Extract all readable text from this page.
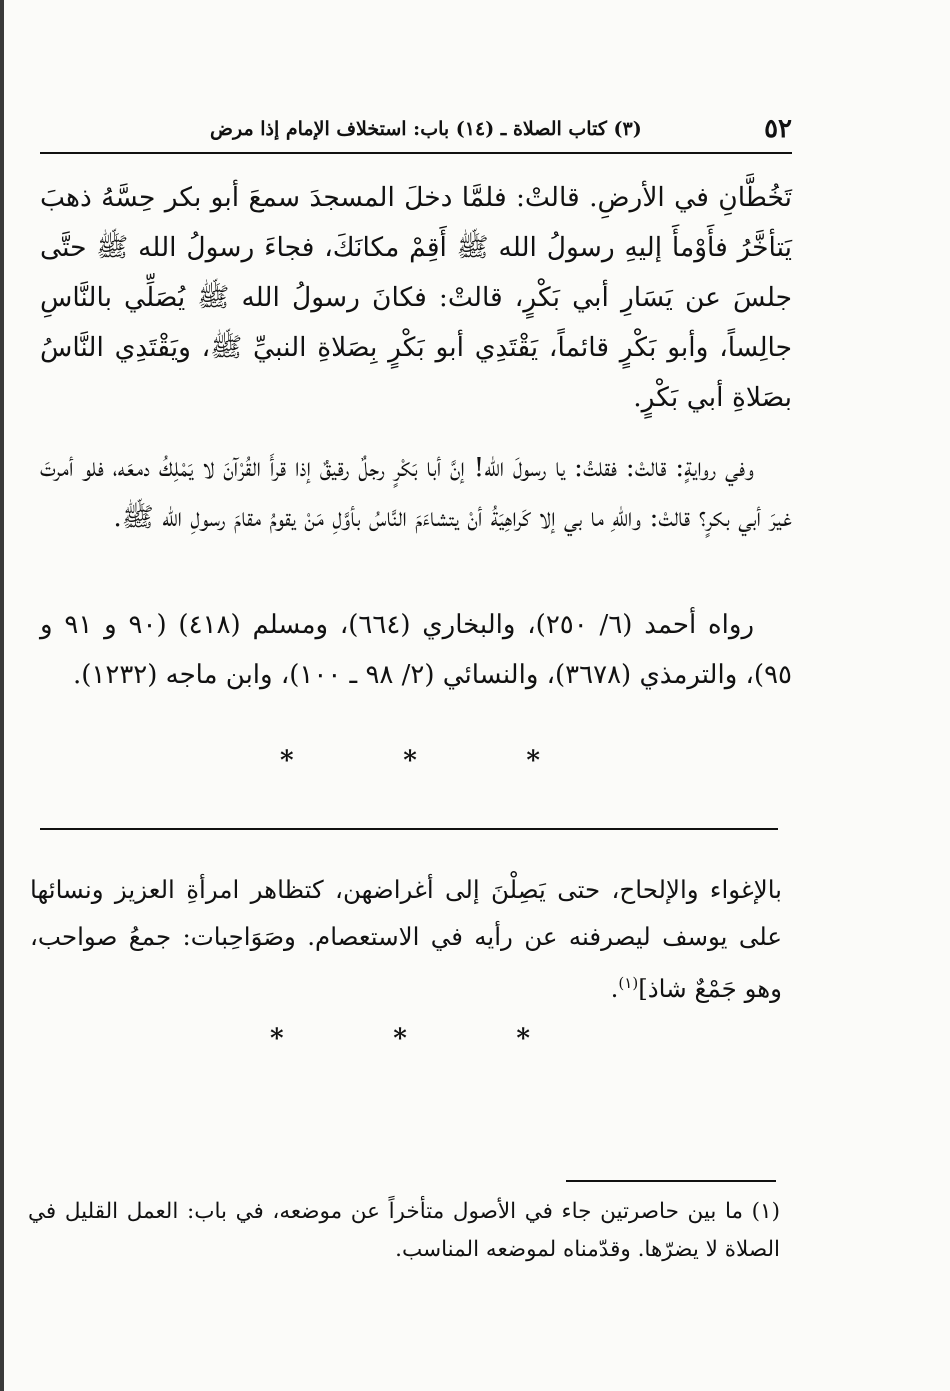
٥٢
(٣) كتاب الصلاة ـ (١٤) باب: استخلاف الإمام إذا مرض

تَخُطَّانِ في الأرضِ. قالتْ: فلمَّا دخلَ المسجدَ سمعَ أبو بكر حِسَّهُ ذهبَ يَتأخَّرُ فأَوْمأَ إليهِ رسولُ الله ﷺ أَقِمْ مكانَكَ، فجاءَ رسولُ الله ﷺ حتَّى جلسَ عن يَسَارِ أبي بَكْرٍ، قالتْ: فكانَ رسولُ الله ﷺ يُصَلِّي بالنَّاسِ جالِساً، وأبو بَكْرٍ قائماً، يَقْتَدِي أبو بَكْرٍ بِصَلاةِ النبيِّ ﷺ، ويَقْتَدِي النَّاسُ بصَلاةِ أبي بَكْرٍ.

وفي روايةٍ: قالتْ: فقلتُ: يا رسولَ الله! إنَّ أبا بَكْرٍ رجلٌ رقيقٌ إذا قرأَ القُرْآنَ لا يَمْلِكُ دمعَه، فلو أمرتَ غيرَ أبي بكرٍ؟ قالتْ: واللهِ ما بي إلا كَراهِيَةُ أنْ يتشاءَمَ النَّاسُ بأوَّلِ مَنْ يقومُ مقامَ رسولِ الله ﷺ.

رواه أحمد (٦/ ٢٥٠)، والبخاري (٦٦٤)، ومسلم (٤١٨) (٩٠ و ٩١ و ٩٥)، والترمذي (٣٦٧٨)، والنسائي (٢/ ٩٨ ـ ١٠٠)، وابن ماجه (١٢٣٢).

*
*
*

بالإغواء والإلحاح، حتى يَصِلْنَ إلى أغراضهن، كتظاهر امرأةِ العزيز ونسائها على يوسف ليصرفنه عن رأيه في الاستعصام. وصَوَاحِبات: جمعُ صواحب، وهو جَمْعٌ شاذ]$^{(١)}$.

*
*
*

(١) ما بين حاصرتين جاء في الأصول متأخراً عن موضعه، في باب: العمل القليل في الصلاة لا يضرّها. وقدّمناه لموضعه المناسب.
